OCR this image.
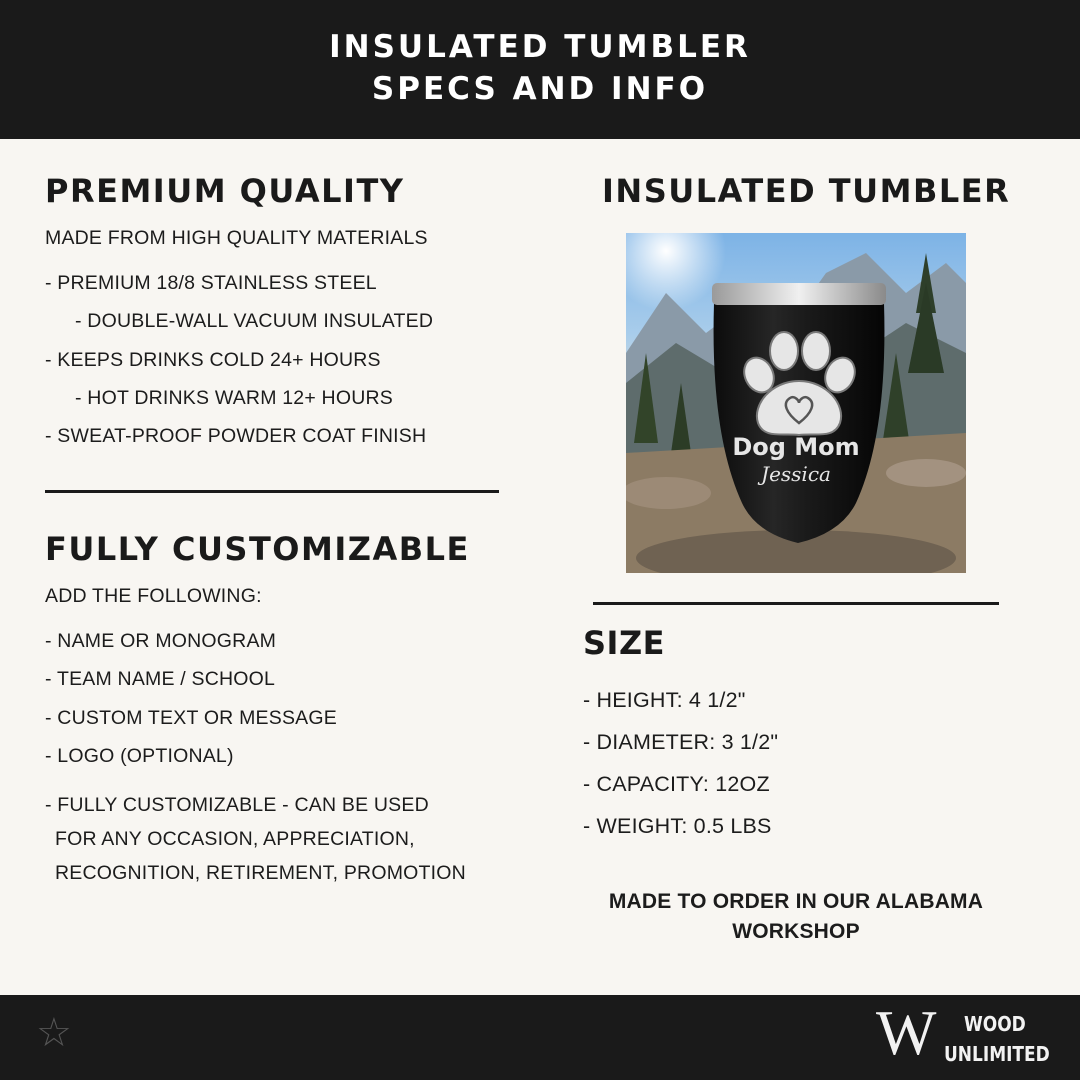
INSULATED TUMBLER
SPECS AND INFO
PREMIUM QUALITY
MADE FROM HIGH QUALITY MATERIALS
- PREMIUM 18/8 STAINLESS STEEL
- DOUBLE-WALL VACUUM INSULATED
- KEEPS DRINKS COLD 24+ HOURS
- HOT DRINKS WARM 12+ HOURS
- SWEAT-PROOF POWDER COAT FINISH
FULLY CUSTOMIZABLE
ADD THE FOLLOWING:
- NAME OR MONOGRAM
- TEAM NAME / SCHOOL
- CUSTOM TEXT OR MESSAGE
- LOGO (OPTIONAL)
- FULLY CUSTOMIZABLE - CAN BE USED
FOR ANY OCCASION, APPRECIATION,
RECOGNITION, RETIREMENT, PROMOTION
INSULATED TUMBLER
Dog Mom
Jessica
SIZE
- HEIGHT: 4 1/2"
- DIAMETER: 3 1/2"
- CAPACITY: 12OZ
- WEIGHT: 0.5 LBS
MADE TO ORDER IN OUR ALABAMA
WORKSHOP
☆	W WOOD
UNLIMITED
